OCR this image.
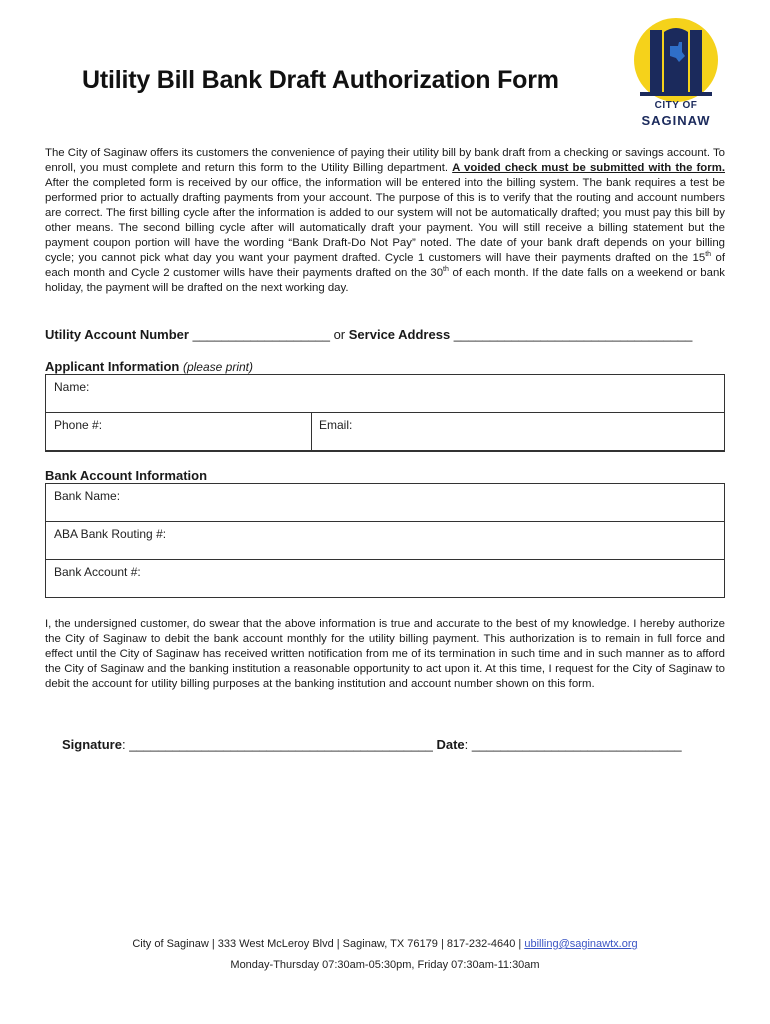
Utility Bill Bank Draft Authorization Form
CITY OF
SAGINAW

The City of Saginaw offers its customers the convenience of paying their utility bill by bank draft from a checking or savings account. To enroll, you must complete and return this form to the Utility Billing department. A voided check must be submitted with the form. After the completed form is received by our office, the information will be entered into the billing system. The bank requires a test be performed prior to actually drafting payments from your account. The purpose of this is to verify that the routing and account numbers are correct. The first billing cycle after the information is added to our system will not be automatically drafted; you must pay this bill by other means. The second billing cycle after will automatically draft your payment. You will still receive a billing statement but the payment coupon portion will have the wording “Bank Draft-Do Not Pay” noted. The date of your bank draft depends on your billing cycle; you cannot pick what day you want your payment drafted. Cycle 1 customers will have their payments drafted on the 15th of each month and Cycle 2 customer wills have their payments drafted on the 30th of each month. If the date falls on a weekend or bank holiday, the payment will be drafted on the next working day.

Utility Account Number ___________________ or Service Address _________________________________
Applicant Information (please print)
Name:
Phone #:	Email:
Bank Account Information
Bank Name:
ABA Bank Routing #:
Bank Account #:

I, the undersigned customer, do swear that the above information is true and accurate to the best of my knowledge. I hereby authorize the City of Saginaw to debit the bank account monthly for the utility billing payment. This authorization is to remain in full force and effect until the City of Saginaw has received written notification from me of its termination in such time and in such manner as to afford the City of Saginaw and the banking institution a reasonable opportunity to act upon it. At this time, I request for the City of Saginaw to debit the account for utility billing purposes at the banking institution and account number shown on this form.

Signature: __________________________________________ Date: _____________________________
City of Saginaw | 333 West McLeroy Blvd | Saginaw, TX 76179 | 817-232-4640 | ubilling@saginawtx.org
Monday-Thursday 07:30am-05:30pm, Friday 07:30am-11:30am
